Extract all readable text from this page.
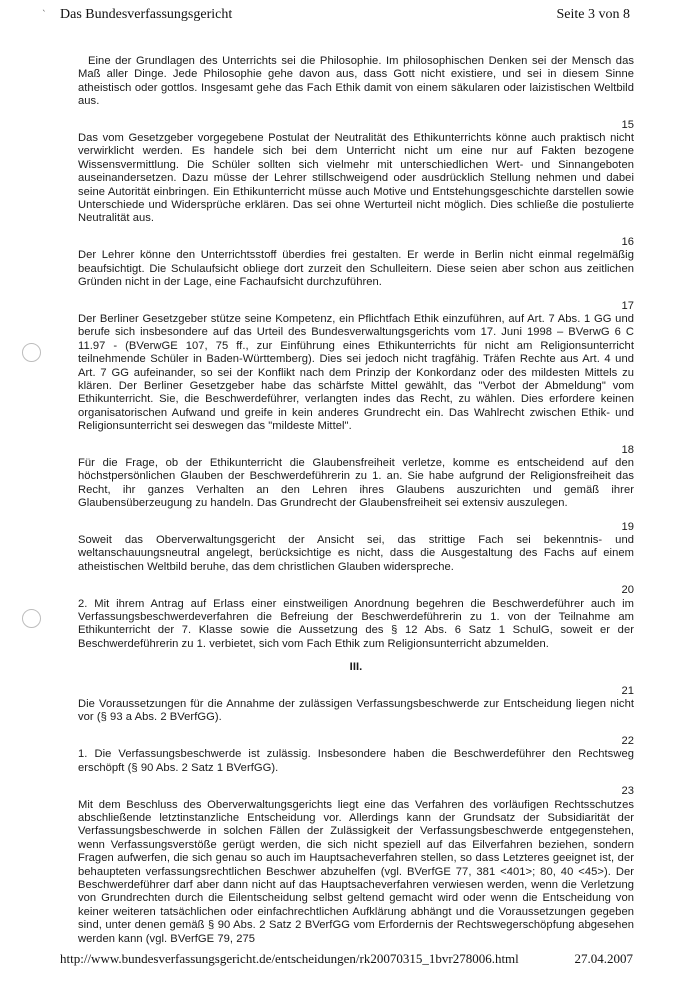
Das Bundesverfassungsgericht	Seite 3 von 8
`
Eine der Grundlagen des Unterrichts sei die Philosophie. Im philosophischen Denken sei der Mensch das Maß aller Dinge. Jede Philosophie gehe davon aus, dass Gott nicht existiere, und sei in diesem Sinne atheistisch oder gottlos. Insgesamt gehe das Fach Ethik damit von einem säkularen oder laizistischen Weltbild aus.
15
Das vom Gesetzgeber vorgegebene Postulat der Neutralität des Ethikunterrichts könne auch praktisch nicht verwirklicht werden. Es handele sich bei dem Unterricht nicht um eine nur auf Fakten bezogene Wissensvermittlung. Die Schüler sollten sich vielmehr mit unterschiedlichen Wert- und Sinnangeboten auseinandersetzen. Dazu müsse der Lehrer stillschweigend oder ausdrücklich Stellung nehmen und dabei seine Autorität einbringen. Ein Ethikunterricht müsse auch Motive und Entstehungsgeschichte darstellen sowie Unterschiede und Widersprüche erklären. Das sei ohne Werturteil nicht möglich. Dies schließe die postulierte Neutralität aus.
16
Der Lehrer könne den Unterrichtsstoff überdies frei gestalten. Er werde in Berlin nicht einmal regelmäßig beaufsichtigt. Die Schulaufsicht obliege dort zurzeit den Schulleitern. Diese seien aber schon aus zeitlichen Gründen nicht in der Lage, eine Fachaufsicht durchzuführen.
17
Der Berliner Gesetzgeber stütze seine Kompetenz, ein Pflichtfach Ethik einzuführen, auf Art. 7 Abs. 1 GG und berufe sich insbesondere auf das Urteil des Bundesverwaltungsgerichts vom 17. Juni 1998 – BVerwG 6 C 11.97 - (BVerwGE 107, 75 ff., zur Einführung eines Ethikunterrichts für nicht am Religionsunterricht teilnehmende Schüler in Baden-Württemberg). Dies sei jedoch nicht tragfähig. Träfen Rechte aus Art. 4 und Art. 7 GG aufeinander, so sei der Konflikt nach dem Prinzip der Konkordanz oder des mildesten Mittels zu klären. Der Berliner Gesetzgeber habe das schärfste Mittel gewählt, das "Verbot der Abmeldung" vom Ethikunterricht. Sie, die Beschwerdeführer, verlangten indes das Recht, zu wählen. Dies erfordere keinen organisatorischen Aufwand und greife in kein anderes Grundrecht ein. Das Wahlrecht zwischen Ethik- und Religionsunterricht sei deswegen das "mildeste Mittel".
18
Für die Frage, ob der Ethikunterricht die Glaubensfreiheit verletze, komme es entscheidend auf den höchstpersönlichen Glauben der Beschwerdeführerin zu 1. an. Sie habe aufgrund der Religionsfreiheit das Recht, ihr ganzes Verhalten an den Lehren ihres Glaubens auszurichten und gemäß ihrer Glaubensüberzeugung zu handeln. Das Grundrecht der Glaubensfreiheit sei extensiv auszulegen.
19
Soweit das Oberverwaltungsgericht der Ansicht sei, das strittige Fach sei bekenntnis- und weltanschauungsneutral angelegt, berücksichtige es nicht, dass die Ausgestaltung des Fachs auf einem atheistischen Weltbild beruhe, das dem christlichen Glauben widerspreche.
20
2. Mit ihrem Antrag auf Erlass einer einstweiligen Anordnung begehren die Beschwerdeführer auch im Verfassungsbeschwerdeverfahren die Befreiung der Beschwerdeführerin zu 1. von der Teilnahme am Ethikunterricht der 7. Klasse sowie die Aussetzung des § 12 Abs. 6 Satz 1 SchulG, soweit er der Beschwerdeführerin zu 1. verbietet, sich vom Fach Ethik zum Religionsunterricht abzumelden.
III.
21
Die Voraussetzungen für die Annahme der zulässigen Verfassungsbeschwerde zur Entscheidung liegen nicht vor (§ 93 a Abs. 2 BVerfGG).
22
1. Die Verfassungsbeschwerde ist zulässig. Insbesondere haben die Beschwerdeführer den Rechtsweg erschöpft (§ 90 Abs. 2 Satz 1 BVerfGG).
23
Mit dem Beschluss des Oberverwaltungsgerichts liegt eine das Verfahren des vorläufigen Rechtsschutzes abschließende letztinstanzliche Entscheidung vor. Allerdings kann der Grundsatz der Subsidiarität der Verfassungsbeschwerde in solchen Fällen der Zulässigkeit der Verfassungsbeschwerde entgegenstehen, wenn Verfassungsverstöße gerügt werden, die sich nicht speziell auf das Eilverfahren beziehen, sondern Fragen aufwerfen, die sich genau so auch im Hauptsacheverfahren stellen, so dass Letzteres geeignet ist, der behaupteten verfassungsrechtlichen Beschwer abzuhelfen (vgl. BVerfGE 77, 381 <401>; 80, 40 <45>). Der Beschwerdeführer darf aber dann nicht auf das Hauptsacheverfahren verwiesen werden, wenn die Verletzung von Grundrechten durch die Eilentscheidung selbst geltend gemacht wird oder wenn die Entscheidung von keiner weiteren tatsächlichen oder einfachrechtlichen Aufklärung abhängt und die Voraussetzungen gegeben sind, unter denen gemäß § 90 Abs. 2 Satz 2 BVerfGG vom Erfordernis der Rechtswegerschöpfung abgesehen werden kann (vgl. BVerfGE 79, 275
http://www.bundesverfassungsgericht.de/entscheidungen/rk20070315_1bvr278006.html	27.04.2007
